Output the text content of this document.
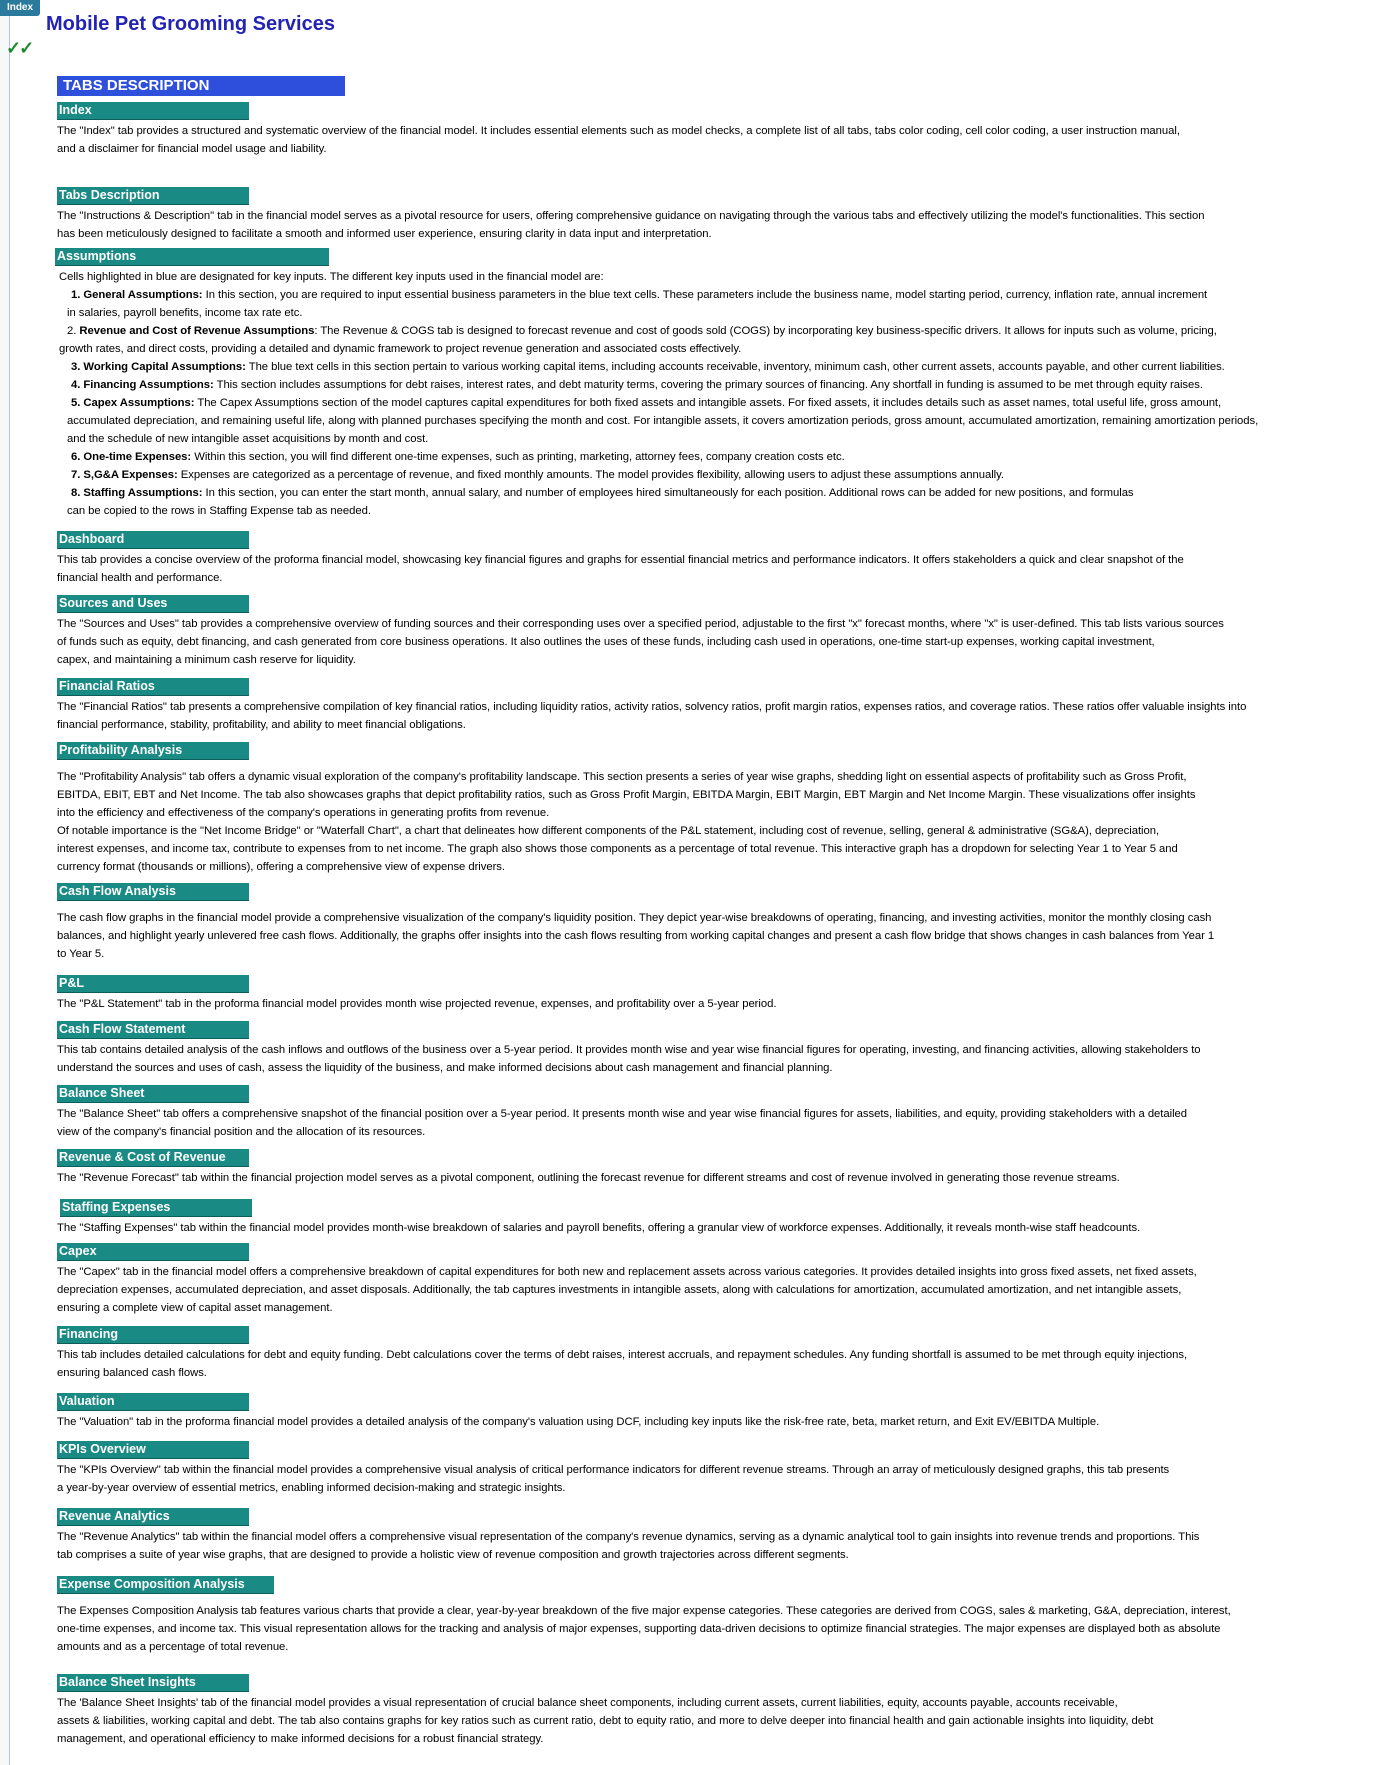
Index
✓✓
Mobile Pet Grooming Services
TABS DESCRIPTION
Index

The "Index" tab provides a structured and systematic overview of the financial model. It includes essential elements such as model checks, a complete list of all tabs, tabs color coding, cell color coding, a user instruction manual,

and a disclaimer for financial model usage and liability.

Tabs Description

The "Instructions & Description" tab in the financial model serves as a pivotal resource for users, offering comprehensive guidance on navigating through the various tabs and effectively utilizing the model's functionalities. This section

has been meticulously designed to facilitate a smooth and informed user experience, ensuring clarity in data input and interpretation.

Assumptions

Cells highlighted in blue are designated for key inputs. The different key inputs used in the financial model are:

1. General Assumptions: In this section, you are required to input essential business parameters in the blue text cells. These parameters include the business name, model starting period, currency, inflation rate, annual increment

in salaries, payroll benefits, income tax rate etc.

2. Revenue and Cost of Revenue Assumptions: The Revenue & COGS tab is designed to forecast revenue and cost of goods sold (COGS) by incorporating key business-specific drivers. It allows for inputs such as volume, pricing,

growth rates, and direct costs, providing a detailed and dynamic framework to project revenue generation and associated costs effectively.

3. Working Capital Assumptions: The blue text cells in this section pertain to various working capital items, including accounts receivable, inventory, minimum cash, other current assets, accounts payable, and other current liabilities.

4. Financing Assumptions: This section includes assumptions for debt raises, interest rates, and debt maturity terms, covering the primary sources of financing. Any shortfall in funding is assumed to be met through equity raises.

5. Capex Assumptions: The Capex Assumptions section of the model captures capital expenditures for both fixed assets and intangible assets. For fixed assets, it includes details such as asset names, total useful life, gross amount,

accumulated depreciation, and remaining useful life, along with planned purchases specifying the month and cost. For intangible assets, it covers amortization periods, gross amount, accumulated amortization, remaining amortization periods,

and the schedule of new intangible asset acquisitions by month and cost.

6. One-time Expenses: Within this section, you will find different one-time expenses, such as printing, marketing, attorney fees, company creation costs etc.

7. S,G&A Expenses: Expenses are categorized as a percentage of revenue, and fixed monthly amounts. The model provides flexibility, allowing users to adjust these assumptions annually.

8. Staffing Assumptions: In this section, you can enter the start month, annual salary, and number of employees hired simultaneously for each position. Additional rows can be added for new positions, and formulas

can be copied to the rows in Staffing Expense tab as needed.

Dashboard

This tab provides a concise overview of the proforma financial model, showcasing key financial figures and graphs for essential financial metrics and performance indicators. It offers stakeholders a quick and clear snapshot of the

financial health and performance.

Sources and Uses

The "Sources and Uses" tab provides a comprehensive overview of funding sources and their corresponding uses over a specified period, adjustable to the first "x" forecast months, where "x" is user-defined. This tab lists various sources

of funds such as equity, debt financing, and cash generated from core business operations. It also outlines the uses of these funds, including cash used in operations, one-time start-up expenses, working capital investment,

capex, and maintaining a minimum cash reserve for liquidity.

Financial Ratios

The "Financial Ratios" tab presents a comprehensive compilation of key financial ratios, including liquidity ratios, activity ratios, solvency ratios, profit margin ratios, expenses ratios, and coverage ratios. These ratios offer valuable insights into

financial performance, stability, profitability, and ability to meet financial obligations.

Profitability Analysis

The "Profitability Analysis" tab offers a dynamic visual exploration of the company's profitability landscape. This section presents a series of year wise graphs, shedding light on essential aspects of profitability such as Gross Profit,

EBITDA, EBIT, EBT and Net Income. The tab also showcases graphs that depict profitability ratios, such as Gross Profit Margin, EBITDA Margin, EBIT Margin, EBT Margin and Net Income Margin. These visualizations offer insights

into the efficiency and effectiveness of the company's operations in generating profits from revenue.

Of notable importance is the "Net Income Bridge" or "Waterfall Chart", a chart that delineates how different components of the P&L statement, including cost of revenue, selling, general & administrative (SG&A), depreciation,

interest expenses, and income tax, contribute to expenses from to net income. The graph also shows those components as a percentage of total revenue. This interactive graph has a dropdown for selecting Year 1 to Year 5 and

currency format (thousands or millions), offering a comprehensive view of expense drivers.

Cash Flow Analysis

The cash flow graphs in the financial model provide a comprehensive visualization of the company's liquidity position. They depict year-wise breakdowns of operating, financing, and investing activities, monitor the monthly closing cash

balances, and highlight yearly unlevered free cash flows. Additionally, the graphs offer insights into the cash flows resulting from working capital changes and present a cash flow bridge that shows changes in cash balances from Year 1

to Year 5.

P&L

The "P&L Statement" tab in the proforma financial model provides month wise projected revenue, expenses, and profitability over a 5-year period.

Cash Flow Statement

This tab contains detailed analysis of the cash inflows and outflows of the business over a 5-year period. It provides month wise and year wise financial figures for operating, investing, and financing activities, allowing stakeholders to

understand the sources and uses of cash, assess the liquidity of the business, and make informed decisions about cash management and financial planning.

Balance Sheet

The "Balance Sheet" tab offers a comprehensive snapshot of the financial position over a 5-year period. It presents month wise and year wise financial figures for assets, liabilities, and equity, providing stakeholders with a detailed

view of the company's financial position and the allocation of its resources.

Revenue & Cost of Revenue

The "Revenue Forecast" tab within the financial projection model serves as a pivotal component, outlining the forecast revenue for different streams and cost of revenue involved in generating those revenue streams.

Staffing Expenses

The "Staffing Expenses" tab within the financial model provides month-wise breakdown of salaries and payroll benefits, offering a granular view of workforce expenses. Additionally, it reveals month-wise staff headcounts.

Capex

The "Capex" tab in the financial model offers a comprehensive breakdown of capital expenditures for both new and replacement assets across various categories. It provides detailed insights into gross fixed assets, net fixed assets,

depreciation expenses, accumulated depreciation, and asset disposals. Additionally, the tab captures investments in intangible assets, along with calculations for amortization, accumulated amortization, and net intangible assets,

ensuring a complete view of capital asset management.

Financing

This tab includes detailed calculations for debt and equity funding. Debt calculations cover the terms of debt raises, interest accruals, and repayment schedules. Any funding shortfall is assumed to be met through equity injections,

ensuring balanced cash flows.

Valuation

The "Valuation" tab in the proforma financial model provides a detailed analysis of the company's valuation using DCF, including key inputs like the risk-free rate, beta, market return, and Exit EV/EBITDA Multiple.

KPIs Overview

The "KPIs Overview" tab within the financial model provides a comprehensive visual analysis of critical performance indicators for different revenue streams. Through an array of meticulously designed graphs, this tab presents

a year-by-year overview of essential metrics, enabling informed decision-making and strategic insights.

Revenue Analytics

The "Revenue Analytics" tab within the financial model offers a comprehensive visual representation of the company's revenue dynamics, serving as a dynamic analytical tool to gain insights into revenue trends and proportions. This

tab comprises a suite of year wise graphs, that are designed to provide a holistic view of revenue composition and growth trajectories across different segments.

Expense Composition Analysis

The Expenses Composition Analysis tab features various charts that provide a clear, year-by-year breakdown of the five major expense categories. These categories are derived from COGS, sales & marketing, G&A, depreciation, interest,

one-time expenses, and income tax. This visual representation allows for the tracking and analysis of major expenses, supporting data-driven decisions to optimize financial strategies. The major expenses are displayed both as absolute

amounts and as a percentage of total revenue.

Balance Sheet Insights

The 'Balance Sheet Insights' tab of the financial model provides a visual representation of crucial balance sheet components, including current assets, current liabilities, equity, accounts payable, accounts receivable,

assets & liabilities, working capital and debt. The tab also contains graphs for key ratios such as current ratio, debt to equity ratio, and more to delve deeper into financial health and gain actionable insights into liquidity, debt

management, and operational efficiency to make informed decisions for a robust financial strategy.
